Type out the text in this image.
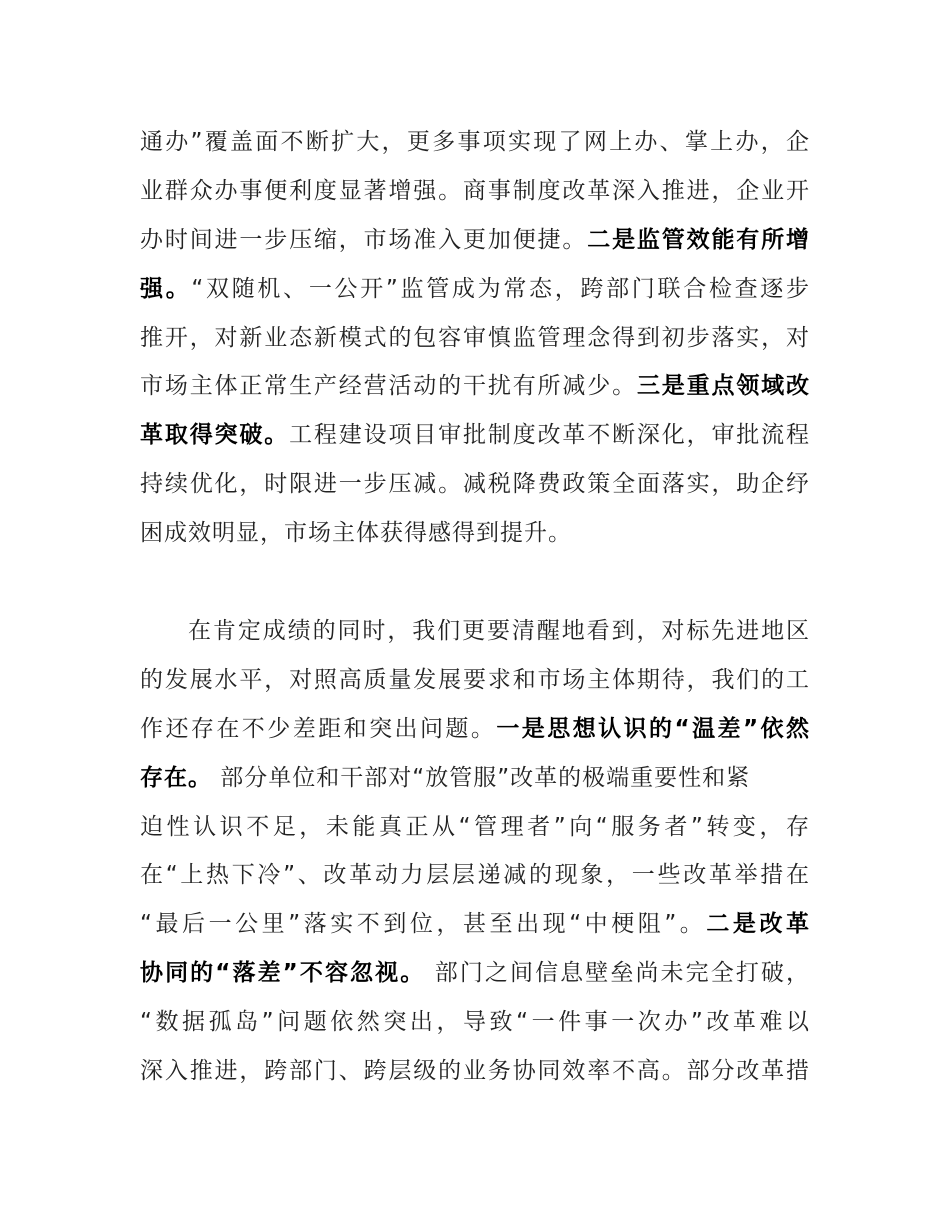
通办”覆盖面不断扩大，更多事项实现了网上办、掌上办，企
业群众办事便利度显著增强。商事制度改革深入推进，企业开
办时间进一步压缩，市场准入更加便捷。二是监管效能有所增
强。“双随机、一公开”监管成为常态，跨部门联合检查逐步
推开，对新业态新模式的包容审慎监管理念得到初步落实，对
市场主体正常生产经营活动的干扰有所减少。三是重点领域改
革取得突破。工程建设项目审批制度改革不断深化，审批流程
持续优化，时限进一步压减。减税降费政策全面落实，助企纾
困成效明显，市场主体获得感得到提升。
在肯定成绩的同时，我们更要清醒地看到，对标先进地区
的发展水平，对照高质量发展要求和市场主体期待，我们的工
作还存在不少差距和突出问题。一是思想认识的“温差”依然
存在。 部分单位和干部对“放管服”改革的极端重要性和紧
迫性认识不足，未能真正从“管理者”向“服务者”转变，存
在“上热下冷”、改革动力层层递减的现象，一些改革举措在
“最后一公里”落实不到位，甚至出现“中梗阻”。二是改革
协同的“落差”不容忽视。 部门之间信息壁垒尚未完全打破，
“数据孤岛”问题依然突出，导致“一件事一次办”改革难以
深入推进，跨部门、跨层级的业务协同效率不高。部分改革措
